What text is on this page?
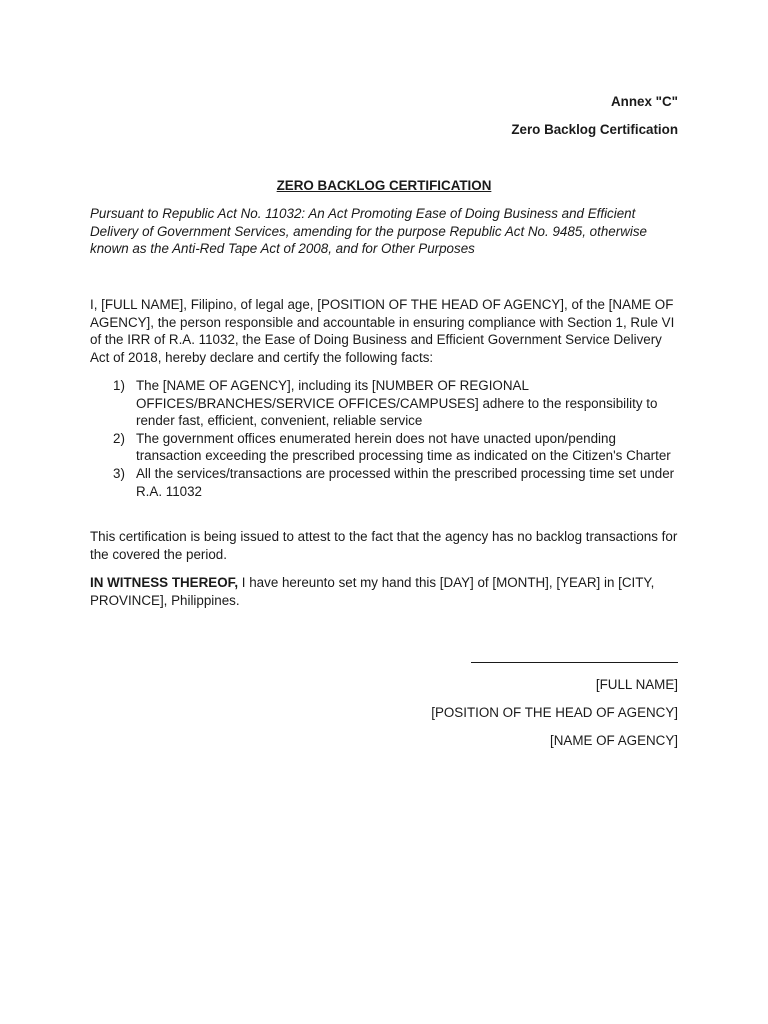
Annex "C"
Zero Backlog Certification
ZERO BACKLOG CERTIFICATION

Pursuant to Republic Act No. 11032: An Act Promoting Ease of Doing Business and Efficient Delivery of Government Services, amending for the purpose Republic Act No. 9485, otherwise known as the Anti-Red Tape Act of 2008, and for Other Purposes

I, [FULL NAME], Filipino, of legal age, [POSITION OF THE HEAD OF AGENCY], of the [NAME OF AGENCY], the person responsible and accountable in ensuring compliance with Section 1, Rule VI of the IRR of R.A. 11032, the Ease of Doing Business and Efficient Government Service Delivery Act of 2018, hereby declare and certify the following facts:

1) The [NAME OF AGENCY], including its [NUMBER OF REGIONAL OFFICES/BRANCHES/SERVICE OFFICES/CAMPUSES] adhere to the responsibility to render fast, efficient, convenient, reliable service
2) The government offices enumerated herein does not have unacted upon/pending transaction exceeding the prescribed processing time as indicated on the Citizen's Charter
3) All the services/transactions are processed within the prescribed processing time set under R.A. 11032

This certification is being issued to attest to the fact that the agency has no backlog transactions for the covered the period.

IN WITNESS THEREOF, I have hereunto set my hand this [DAY] of [MONTH], [YEAR] in [CITY, PROVINCE], Philippines.

[FULL NAME]
[POSITION OF THE HEAD OF AGENCY]
[NAME OF AGENCY]
